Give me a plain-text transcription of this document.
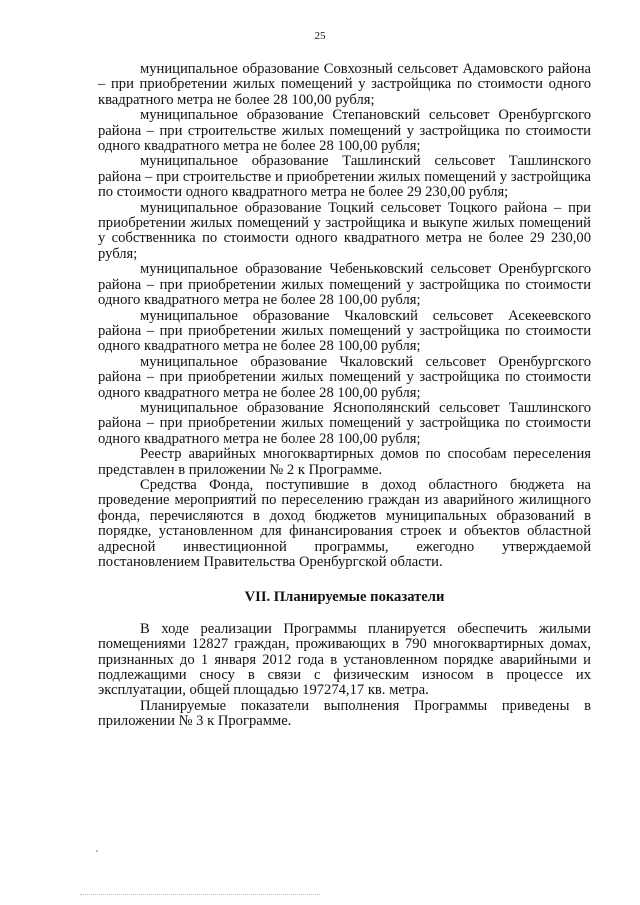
25

муниципальное образование Совхозный сельсовет Адамовского района – при приобретении жилых помещений у застройщика по стоимости одного квадратного метра не более 28 100,00 рубля;

муниципальное образование Степановский сельсовет Оренбургского района – при строительстве жилых помещений у застройщика по стоимости одного квадратного метра не более 28 100,00 рубля;

муниципальное образование Ташлинский сельсовет Ташлинского района – при строительстве и приобретении жилых помещений у застройщика по стоимости одного квадратного метра не более 29 230,00 рубля;

муниципальное образование Тоцкий сельсовет Тоцкого района – при приобретении жилых помещений у застройщика и выкупе жилых помещений у собственника по стоимости одного квадратного метра не более 29 230,00 рубля;

муниципальное образование Чебеньковский сельсовет Оренбургского района – при приобретении жилых помещений у застройщика по стоимости одного квадратного метра не более 28 100,00 рубля;

муниципальное образование Чкаловский сельсовет Асекеевского района – при приобретении жилых помещений у застройщика по стоимости одного квадратного метра не более 28 100,00 рубля;

муниципальное образование Чкаловский сельсовет Оренбургского района – при приобретении жилых помещений у застройщика по стоимости одного квадратного метра не более 28 100,00 рубля;

муниципальное образование Яснополянский сельсовет Ташлинского района – при приобретении жилых помещений у застройщика по стоимости одного квадратного метра не более 28 100,00 рубля;

Реестр аварийных многоквартирных домов по способам переселения представлен в приложении № 2 к Программе.

Средства Фонда, поступившие в доход областного бюджета на проведение мероприятий по переселению граждан из аварийного жилищного фонда, перечисляются в доход бюджетов муниципальных образований в порядке, установленном для финансирования строек и объектов областной адресной инвестиционной программы, ежегодно утверждаемой постановлением Правительства Оренбургской области.

VII. Планируемые показатели

В ходе реализации Программы планируется обеспечить жилыми помещениями 12827 граждан, проживающих в 790 многоквартирных домах, признанных до 1 января 2012 года в установленном порядке аварийными и подлежащими сносу в связи с физическим износом в процессе их эксплуатации, общей площадью 197274,17 кв. метра.

Планируемые показатели выполнения Программы приведены в приложении № 3 к Программе.
